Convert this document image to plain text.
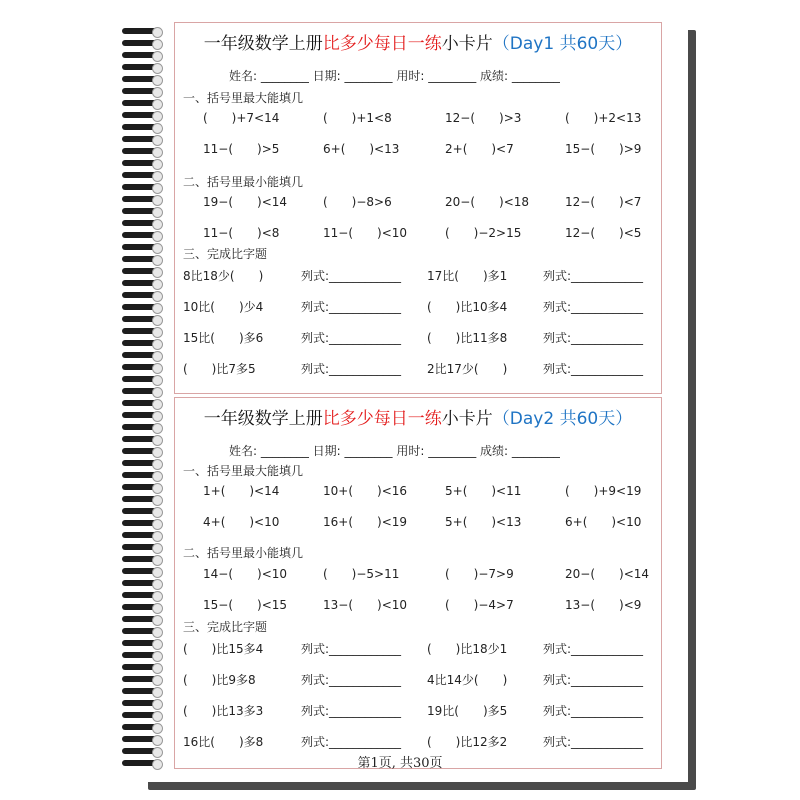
一年级数学上册比多少每日一练小卡片（Day1 共60天）
姓名: ________ 日期: ________ 用时: ________ 成绩: ________
一、括号里最大能填几
(　　)+7<14	(　　)+1<8	12−(　　)>3	(　　)+2<13
11−(　　)>5	6+(　　)<13	2+(　　)<7	15−(　　)>9
二、括号里最小能填几
19−(　　)<14	(　　)−8>6	20−(　　)<18	12−(　　)<7
11−(　　)<8	11−(　　)<10	(　　)−2>15	12−(　　)<5
三、完成比字题
8比18少(　　)	列式:____________ 17比(　　)多1	列式:____________
10比(　　)少4	列式:____________ (　　)比10多4	列式:____________
15比(　　)多6	列式:____________ (　　)比11多8	列式:____________
(　　)比7多5	列式:____________ 2比17少(　　)	列式:____________
一年级数学上册比多少每日一练小卡片（Day2 共60天）
姓名: ________ 日期: ________ 用时: ________ 成绩: ________
一、括号里最大能填几
1+(　　)<14	10+(　　)<16	5+(　　)<11	(　　)+9<19
4+(　　)<10	16+(　　)<19	5+(　　)<13	6+(　　)<10
二、括号里最小能填几
14−(　　)<10	(　　)−5>11	(　　)−7>9	20−(　　)<14
15−(　　)<15	13−(　　)<10	(　　)−4>7	13−(　　)<9
三、完成比字题
(　　)比15多4	列式:____________ (　　)比18少1	列式:____________
(　　)比9多8	列式:____________ 4比14少(　　)	列式:____________
(　　)比13多3	列式:____________ 19比(　　)多5	列式:____________
16比(　　)多8	列式:____________ (　　)比12多2	列式:____________
第1页, 共30页
